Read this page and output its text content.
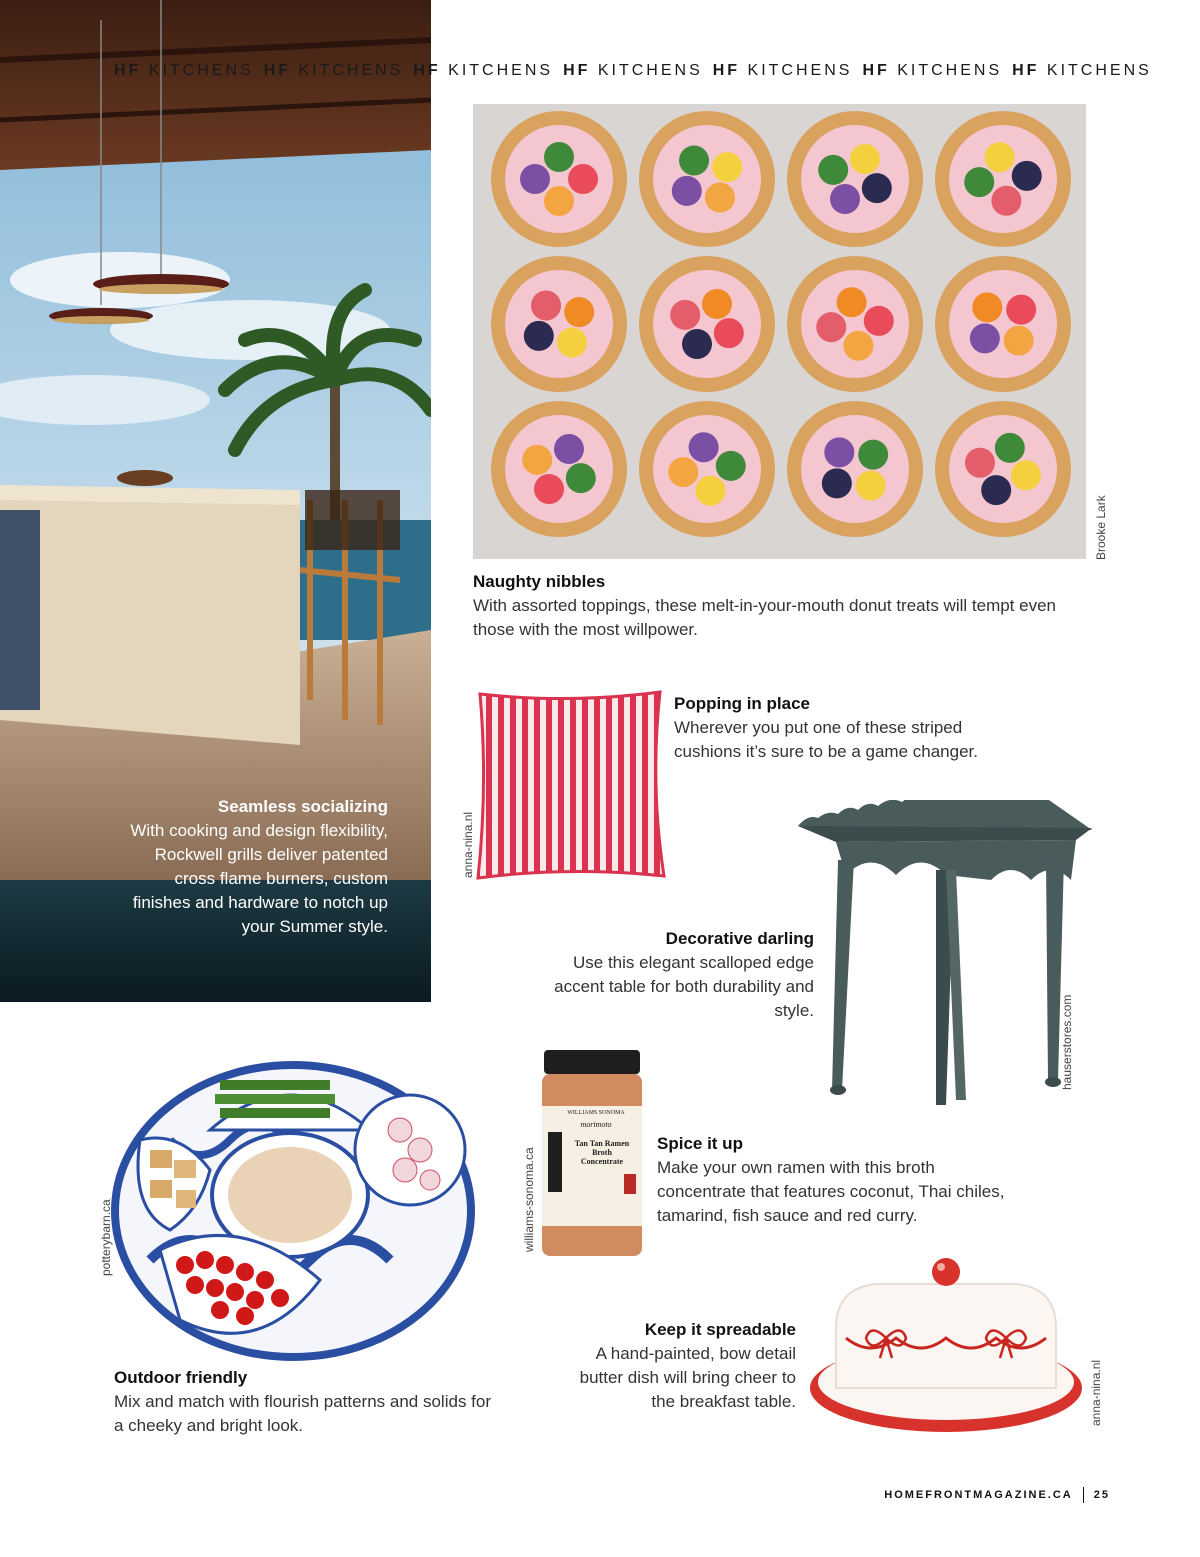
HF KITCHENS HF KITCHENS HF KITCHENS HF KITCHENS HF KITCHENS HF KITCHENS HF KITCHENS
Seamless socializing
With cooking and design flexibility, Rockwell grills deliver patented cross flame burners, custom finishes and hardware to notch up your Summer style.
Brooke Lark
Naughty nibbles
With assorted toppings, these melt-in-your-mouth donut treats will tempt even those with the most willpower.
anna-nina.nl
Popping in place
Wherever you put one of these striped cushions it’s sure to be a game changer.
hauserstores.com
Decorative darling
Use this elegant scalloped edge accent table for both durability and style.
potterybarn.ca
Outdoor friendly
Mix and match with flourish patterns and solids for a cheeky and bright look.
WILLIAMS SONOMA
morimoto
Tan Tan Ramen
Broth
Concentrate
williams-sonoma.ca
Spice it up
Make your own ramen with this broth concentrate that features coconut, Thai chiles, tamarind, fish sauce and red curry.
anna-nina.nl
Keep it spreadable
A hand-painted, bow detail butter dish will bring cheer to the breakfast table.
HOMEFRONTMAGAZINE.CA 25
